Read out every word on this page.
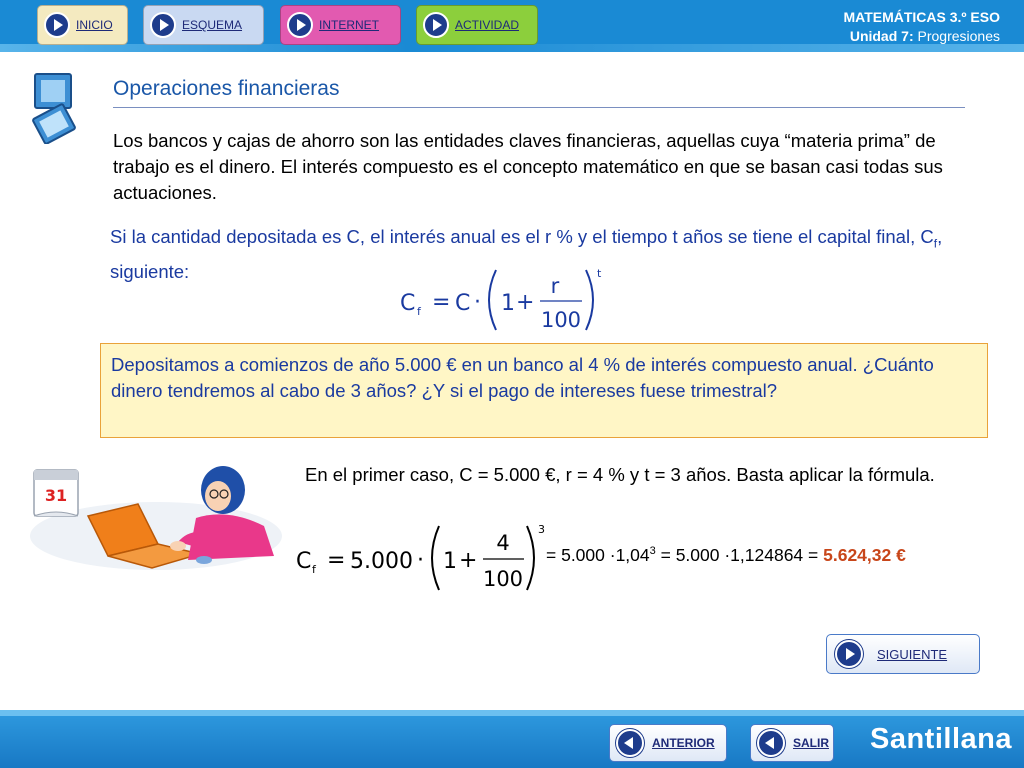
INICIO	ESQUEMA	INTERNET	ACTIVIDAD	MATEMÁTICAS 3.º ESO
Unidad 7: Progresiones
Operaciones financieras
Los bancos y cajas de ahorro son las entidades claves financieras, aquellas cuya “materia prima” de trabajo es el dinero. El interés compuesto es el concepto matemático en que se basan casi todas sus actuaciones.
Si la cantidad depositada es C, el interés anual es el r % y el tiempo t años se tiene el capital final, $C_f$, siguiente:
C f = C · 1 +
r
100
t
Depositamos a comienzos de año 5.000 € en un banco al 4 % de interés compuesto anual. ¿Cuánto dinero tendremos al cabo de 3 años? ¿Y si el pago de intereses fuese trimestral?
31
En el primer caso, C = 5.000 €, r = 4 % y t = 3 años. Basta aplicar la fórmula.
C f = 5.000 · 1 +
4
100
3
= $5.000 \cdot 1,04^3 = 5.000 \cdot 1,124864 = 5.624,32$ €
SIGUIENTE
ANTERIOR	SALIR Santillana
